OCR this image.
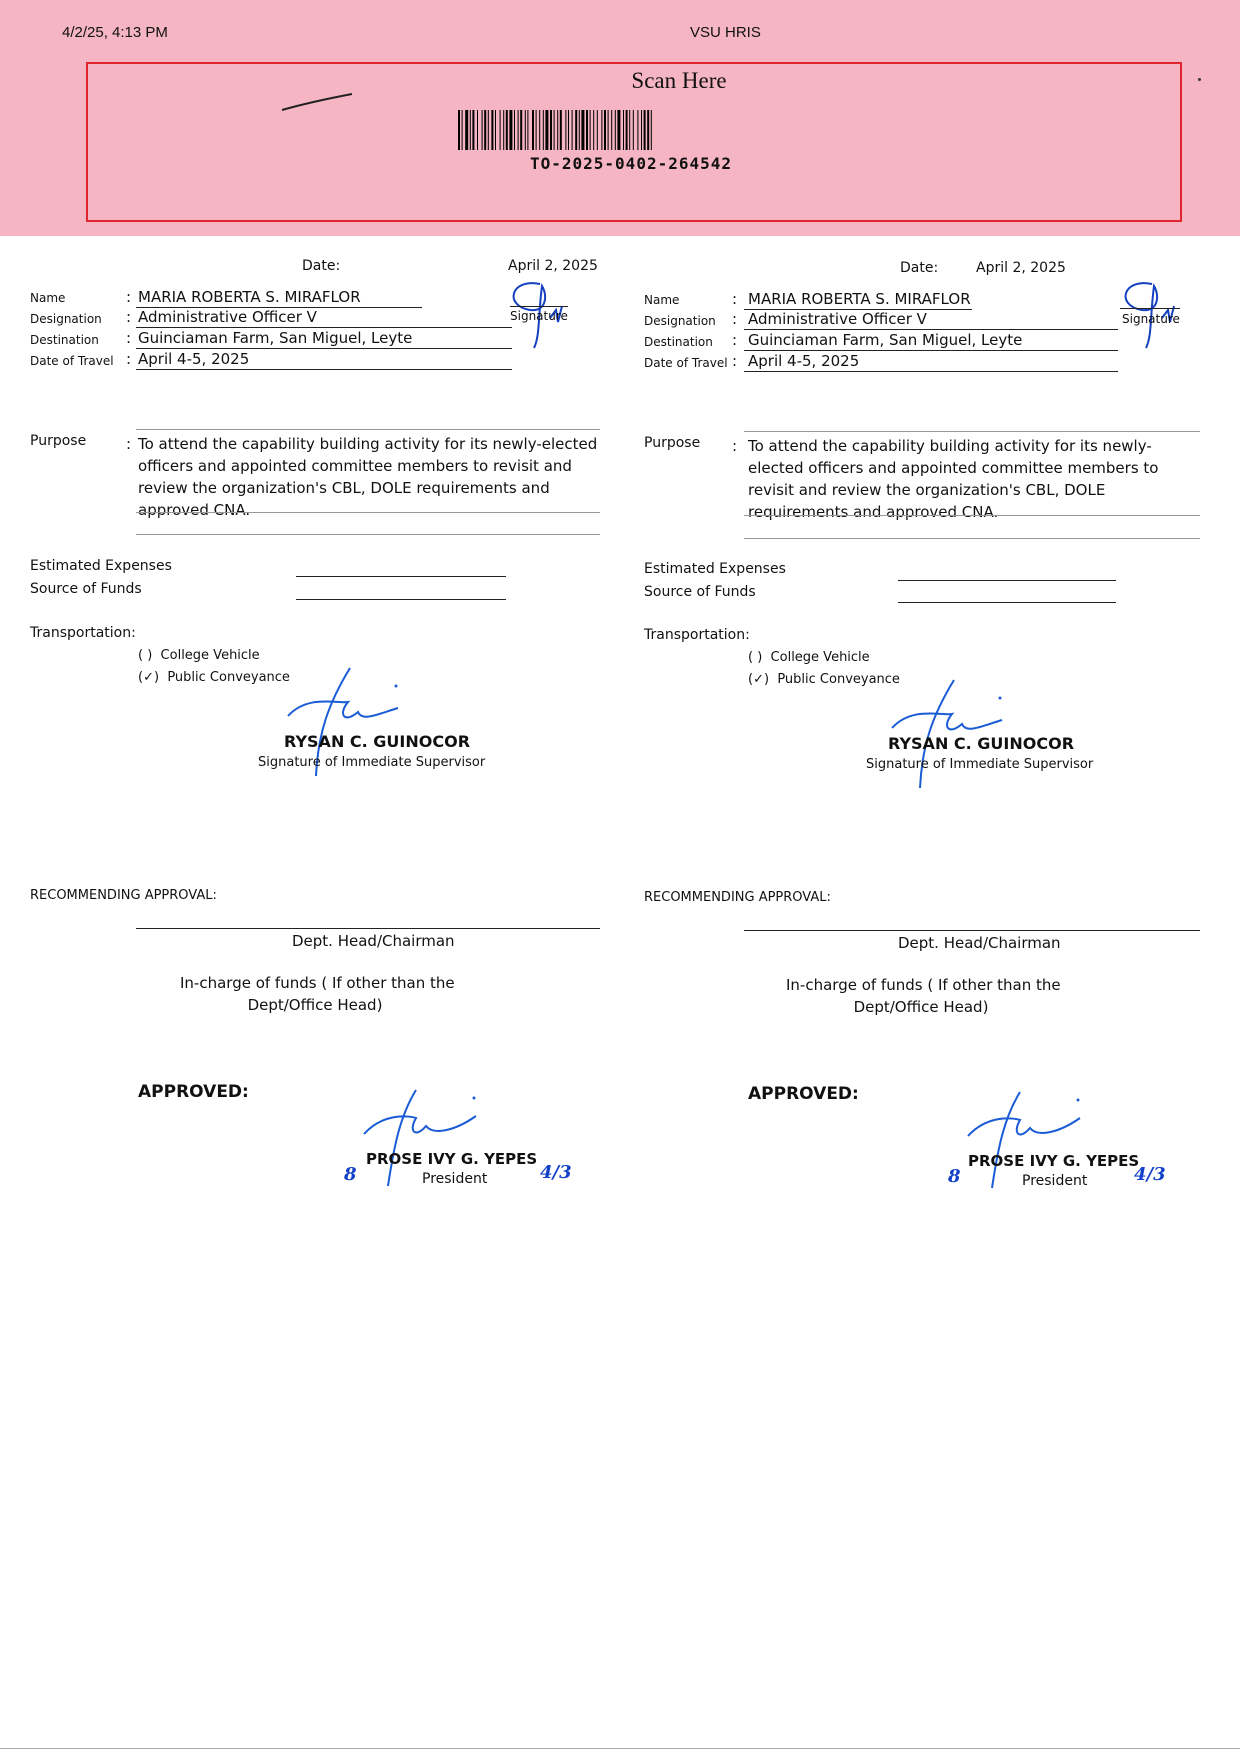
4/2/25, 4:13 PM	VSU HRIS
Scan Here
TO-2025-0402-264542
Date:	April 2, 2025
Signature
Name	: MARIA ROBERTA S. MIRAFLOR
Designation : Administrative Officer V
Destination : Guinciaman Farm, San Miguel, Leyte
Date of Travel : April 4-5, 2025
Purpose	: To attend the capability building activity for its newly-elected officers and appointed committee members to revisit and review the organization's CBL, DOLE requirements and approved CNA.
Estimated Expenses
Source of Funds
Transportation:
( ) College Vehicle
(✓) Public Conveyance
RYSAN C. GUINOCOR
Signature of Immediate Supervisor
RECOMMENDING APPROVAL:
Dept. Head/Chairman
In-charge of funds ( If other than the
Dept/Office Head)
APPROVED:
PROSE IVY G. YEPES
President
8	4/3
Date:	April 2, 2025
Signature
Name	: MARIA ROBERTA S. MIRAFLOR
Designation : Administrative Officer V
Destination : Guinciaman Farm, San Miguel, Leyte
Date of Travel : April 4-5, 2025
Purpose : To attend the capability building activity for its newly-elected officers and appointed committee members to revisit and review the organization's CBL, DOLE requirements and approved CNA.
Estimated Expenses
Source of Funds
Transportation:
( ) College Vehicle
(✓) Public Conveyance
RYSAN C. GUINOCOR
Signature of Immediate Supervisor
RECOMMENDING APPROVAL:
Dept. Head/Chairman
In-charge of funds ( If other than the
Dept/Office Head)
APPROVED:
PROSE IVY G. YEPES
President
8	4/3
